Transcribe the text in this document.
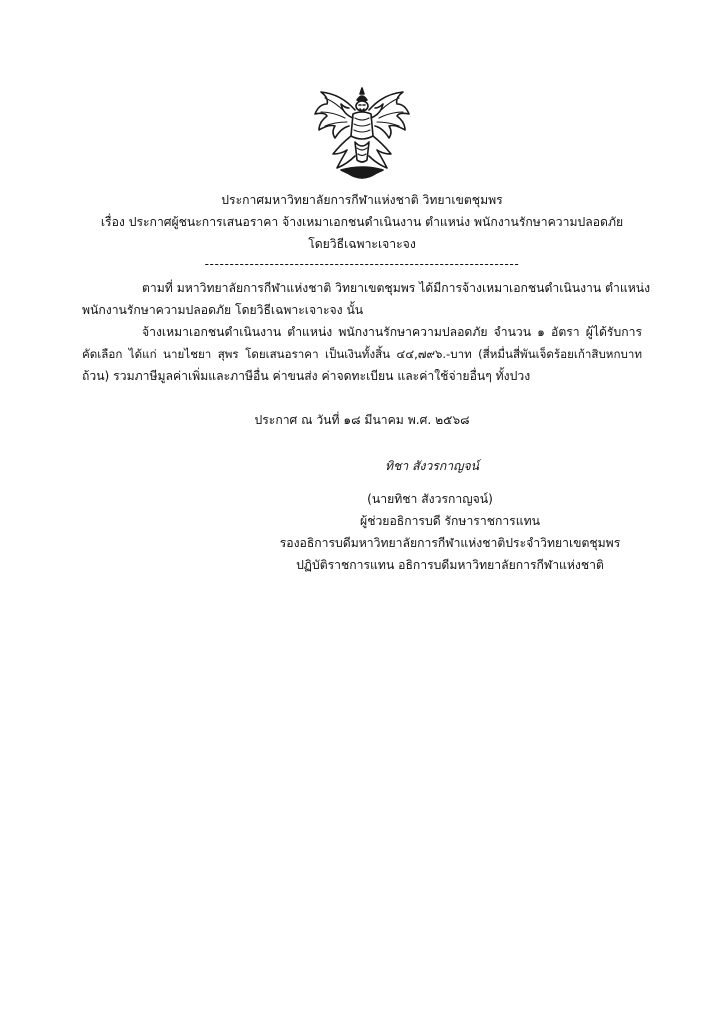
ประกาศมหาวิทยาลัยการกีฬาแห่งชาติ วิทยาเขตชุมพร
เรื่อง ประกาศผู้ชนะการเสนอราคา จ้างเหมาเอกชนดำเนินงาน ตำแหน่ง พนักงานรักษาความปลอดภัย
โดยวิธีเฉพาะเจาะจง
---------------------------------------------------------------
ตามที่ มหาวิทยาลัยการกีฬาแห่งชาติ วิทยาเขตชุมพร ได้มีการจ้างเหมาเอกชนดำเนินงาน ตำแหน่ง
พนักงานรักษาความปลอดภัย โดยวิธีเฉพาะเจาะจง นั้น
จ้างเหมาเอกชนดำเนินงาน ตำแหน่ง พนักงานรักษาความปลอดภัย จำนวน ๑ อัตรา ผู้ได้รับการ
คัดเลือก ได้แก่ นายไชยา สุพร โดยเสนอราคา เป็นเงินทั้งสิ้น ๔๔,๗๙๖.-บาท (สี่หมื่นสี่พันเจ็ดร้อยเก้าสิบหกบาท
ถ้วน) รวมภาษีมูลค่าเพิ่มและภาษีอื่น ค่าขนส่ง ค่าจดทะเบียน และค่าใช้จ่ายอื่นๆ ทั้งปวง
ประกาศ ณ วันที่ ๑๘ มีนาคม พ.ศ. ๒๕๖๘
ทิชา สังวรกาญจน์
(นายทิชา สังวรกาญจน์)
ผู้ช่วยอธิการบดี รักษาราชการแทน
รองอธิการบดีมหาวิทยาลัยการกีฬาแห่งชาติประจำวิทยาเขตชุมพร
ปฏิบัติราชการแทน อธิการบดีมหาวิทยาลัยการกีฬาแห่งชาติ
